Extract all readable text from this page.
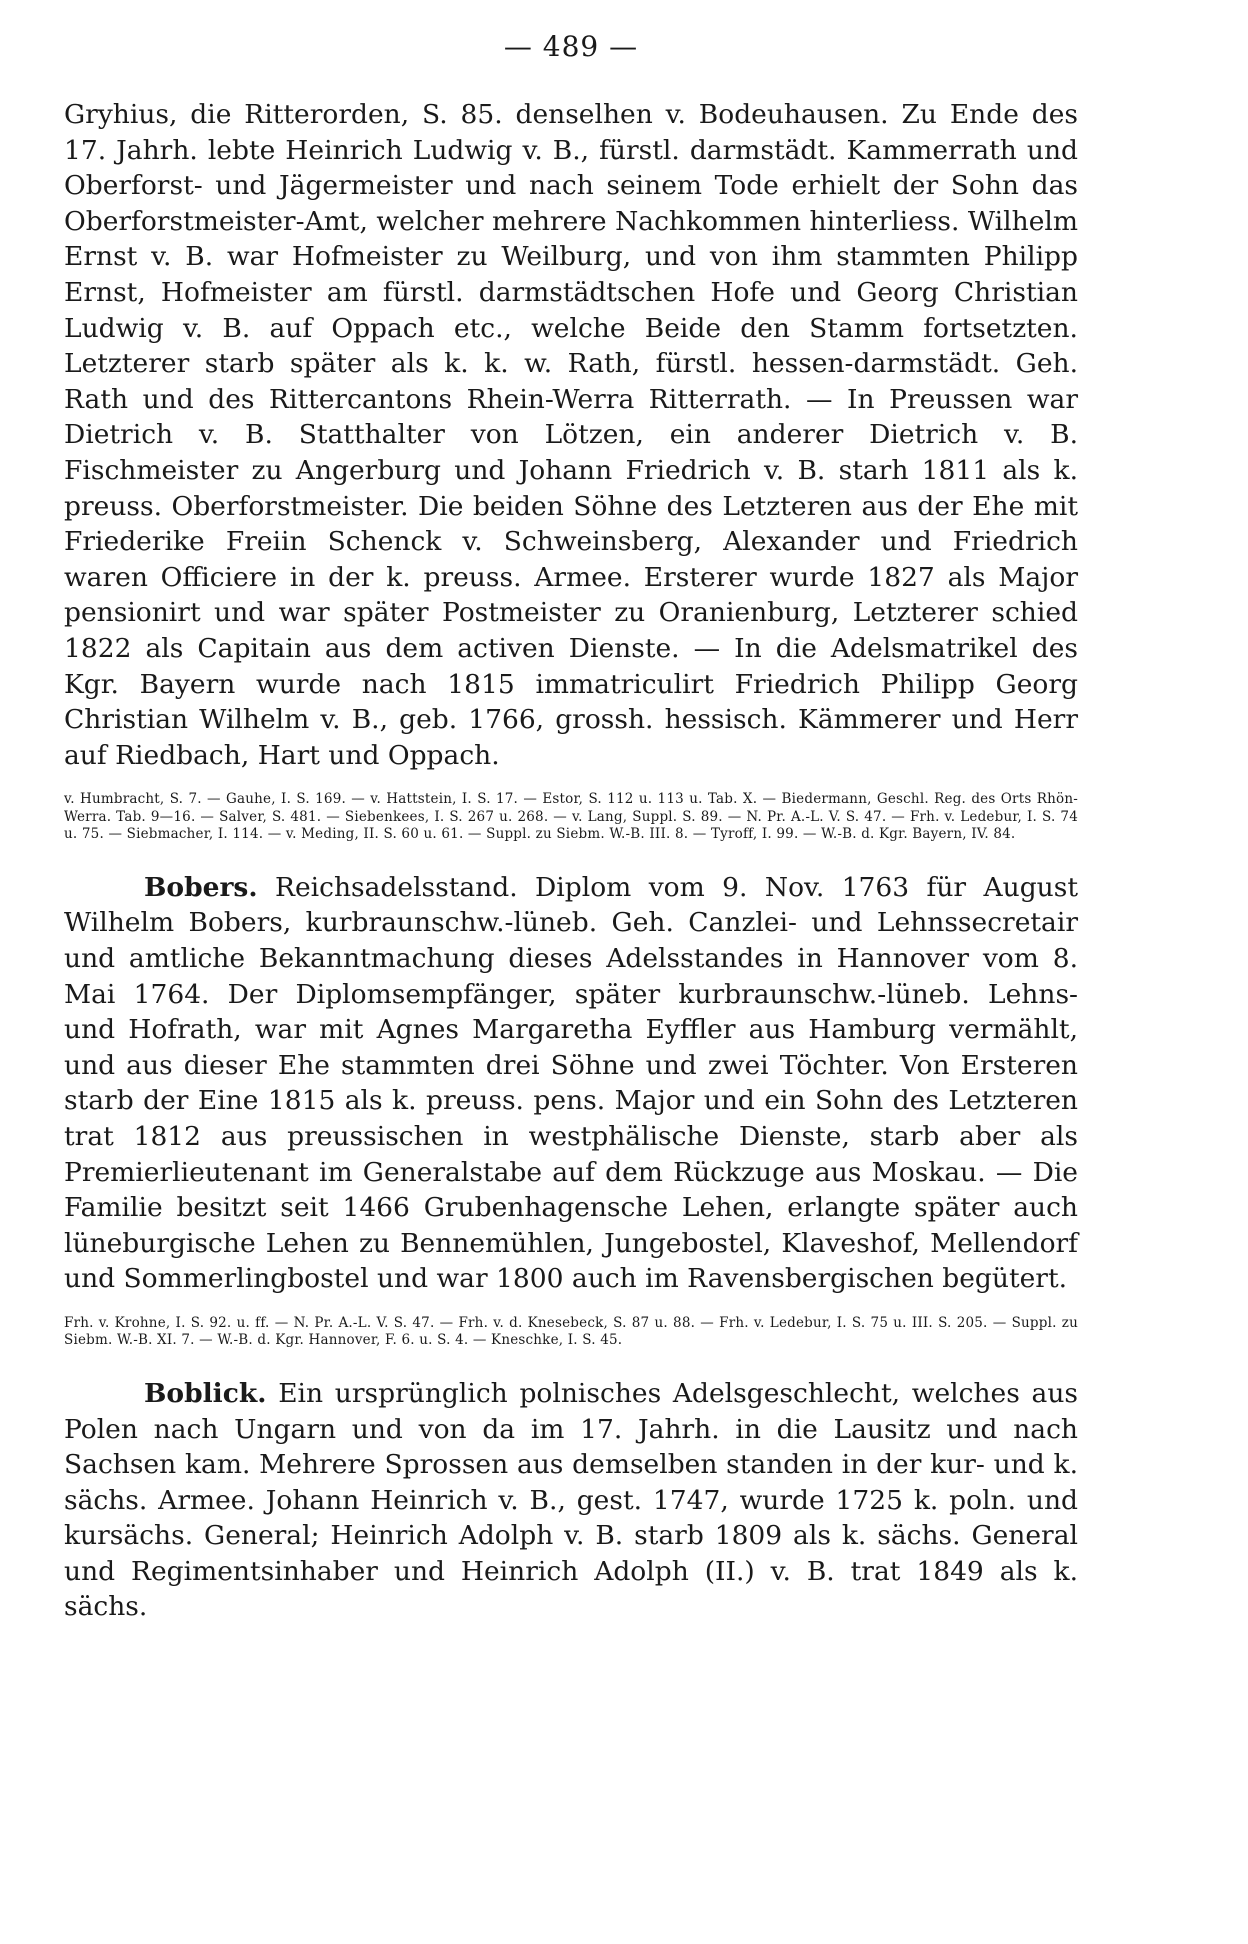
— 489 —

Gryhius, die Ritterorden, S. 85. denselhen v. Bodeuhausen. Zu Ende des 17. Jahrh. lebte Heinrich Ludwig v. B., fürstl. darmstädt. Kammerrath und Oberforst- und Jägermeister und nach seinem Tode erhielt der Sohn das Oberforstmeister-Amt, welcher mehrere Nachkommen hinterliess. Wilhelm Ernst v. B. war Hofmeister zu Weilburg, und von ihm stammten Philipp Ernst, Hofmeister am fürstl. darmstädtschen Hofe und Georg Christian Ludwig v. B. auf Oppach etc., welche Beide den Stamm fortsetzten. Letzterer starb später als k. k. w. Rath, fürstl. hessen-darmstädt. Geh. Rath und des Rittercantons Rhein-Werra Ritterrath. — In Preussen war Dietrich v. B. Statthalter von Lötzen, ein anderer Dietrich v. B. Fischmeister zu Angerburg und Johann Friedrich v. B. starh 1811 als k. preuss. Oberforstmeister. Die beiden Söhne des Letzteren aus der Ehe mit Friederike Freiin Schenck v. Schweinsberg, Alexander und Friedrich waren Officiere in der k. preuss. Armee. Ersterer wurde 1827 als Major pensionirt und war später Postmeister zu Oranienburg, Letzterer schied 1822 als Capitain aus dem activen Dienste. — In die Adelsmatrikel des Kgr. Bayern wurde nach 1815 immatriculirt Friedrich Philipp Georg Christian Wilhelm v. B., geb. 1766, grossh. hessisch. Kämmerer und Herr auf Riedbach, Hart und Oppach.

v. Humbracht, S. 7. — Gauhe, I. S. 169. — v. Hattstein, I. S. 17. — Estor, S. 112 u. 113 u. Tab. X. — Biedermann, Geschl. Reg. des Orts Rhön-Werra. Tab. 9—16. — Salver, S. 481. — Siebenkees, I. S. 267 u. 268. — v. Lang, Suppl. S. 89. — N. Pr. A.-L. V. S. 47. — Frh. v. Ledebur, I. S. 74 u. 75. — Siebmacher, I. 114. — v. Meding, II. S. 60 u. 61. — Suppl. zu Siebm. W.-B. III. 8. — Tyroff, I. 99. — W.-B. d. Kgr. Bayern, IV. 84.

Bobers. Reichsadelsstand. Diplom vom 9. Nov. 1763 für August Wilhelm Bobers, kurbraunschw.-lüneb. Geh. Canzlei- und Lehnssecretair und amtliche Bekanntmachung dieses Adelsstandes in Hannover vom 8. Mai 1764. Der Diplomsempfänger, später kurbraunschw.-lüneb. Lehns- und Hofrath, war mit Agnes Margaretha Eyffler aus Hamburg vermählt, und aus dieser Ehe stammten drei Söhne und zwei Töchter. Von Ersteren starb der Eine 1815 als k. preuss. pens. Major und ein Sohn des Letzteren trat 1812 aus preussischen in westphälische Dienste, starb aber als Premierlieutenant im Generalstabe auf dem Rückzuge aus Moskau. — Die Familie besitzt seit 1466 Grubenhagensche Lehen, erlangte später auch lüneburgische Lehen zu Bennemühlen, Jungebostel, Klaveshof, Mellendorf und Sommerlingbostel und war 1800 auch im Ravensbergischen begütert.

Frh. v. Krohne, I. S. 92. u. ff. — N. Pr. A.-L. V. S. 47. — Frh. v. d. Knesebeck, S. 87 u. 88. — Frh. v. Ledebur, I. S. 75 u. III. S. 205. — Suppl. zu Siebm. W.-B. XI. 7. — W.-B. d. Kgr. Hannover, F. 6. u. S. 4. — Kneschke, I. S. 45.

Boblick. Ein ursprünglich polnisches Adelsgeschlecht, welches aus Polen nach Ungarn und von da im 17. Jahrh. in die Lausitz und nach Sachsen kam. Mehrere Sprossen aus demselben standen in der kur- und k. sächs. Armee. Johann Heinrich v. B., gest. 1747, wurde 1725 k. poln. und kursächs. General; Heinrich Adolph v. B. starb 1809 als k. sächs. General und Regimentsinhaber und Heinrich Adolph (II.) v. B. trat 1849 als k. sächs.
